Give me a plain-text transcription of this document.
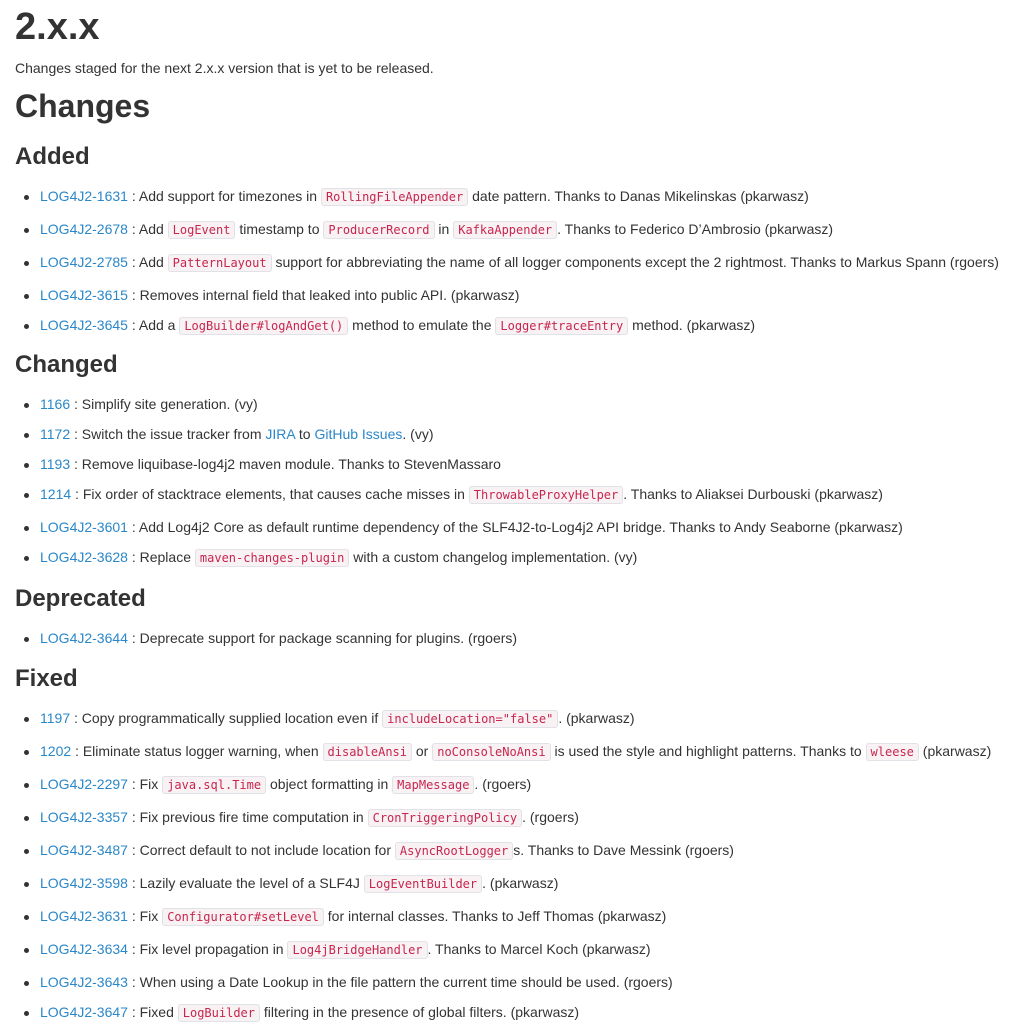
2.x.x
Changes staged for the next 2.x.x version that is yet to be released.
Changes
Added
LOG4J2-1631 : Add support for timezones in RollingFileAppender date pattern. Thanks to Danas Mikelinskas (pkarwasz)
LOG4J2-2678 : Add LogEvent timestamp to ProducerRecord in KafkaAppender . Thanks to Federico D’Ambrosio (pkarwasz)
LOG4J2-2785 : Add PatternLayout support for abbreviating the name of all logger components except the 2 rightmost. Thanks to Markus Spann (rgoers)
LOG4J2-3615 : Removes internal field that leaked into public API. (pkarwasz)
LOG4J2-3645 : Add a LogBuilder#logAndGet() method to emulate the Logger#traceEntry method. (pkarwasz)
Changed
1166 : Simplify site generation. (vy)
1172 : Switch the issue tracker from JIRA to GitHub Issues. (vy)
1193 : Remove liquibase-log4j2 maven module. Thanks to StevenMassaro
1214 : Fix order of stacktrace elements, that causes cache misses in ThrowableProxyHelper . Thanks to Aliaksei Durbouski (pkarwasz)
LOG4J2-3601 : Add Log4j2 Core as default runtime dependency of the SLF4J2-to-Log4j2 API bridge. Thanks to Andy Seaborne (pkarwasz)
LOG4J2-3628 : Replace maven-changes-plugin with a custom changelog implementation. (vy)
Deprecated
LOG4J2-3644 : Deprecate support for package scanning for plugins. (rgoers)
Fixed
1197 : Copy programmatically supplied location even if includeLocation="false" . (pkarwasz)
1202 : Eliminate status logger warning, when disableAnsi or noConsoleNoAnsi is used the style and highlight patterns. Thanks to wleese (pkarwasz)
LOG4J2-2297 : Fix java.sql.Time object formatting in MapMessage . (rgoers)
LOG4J2-3357 : Fix previous fire time computation in CronTriggeringPolicy . (rgoers)
LOG4J2-3487 : Correct default to not include location for AsyncRootLogger s. Thanks to Dave Messink (rgoers)
LOG4J2-3598 : Lazily evaluate the level of a SLF4J LogEventBuilder . (pkarwasz)
LOG4J2-3631 : Fix Configurator#setLevel for internal classes. Thanks to Jeff Thomas (pkarwasz)
LOG4J2-3634 : Fix level propagation in Log4jBridgeHandler . Thanks to Marcel Koch (pkarwasz)
LOG4J2-3643 : When using a Date Lookup in the file pattern the current time should be used. (rgoers)
LOG4J2-3647 : Fixed LogBuilder filtering in the presence of global filters. (pkarwasz)
